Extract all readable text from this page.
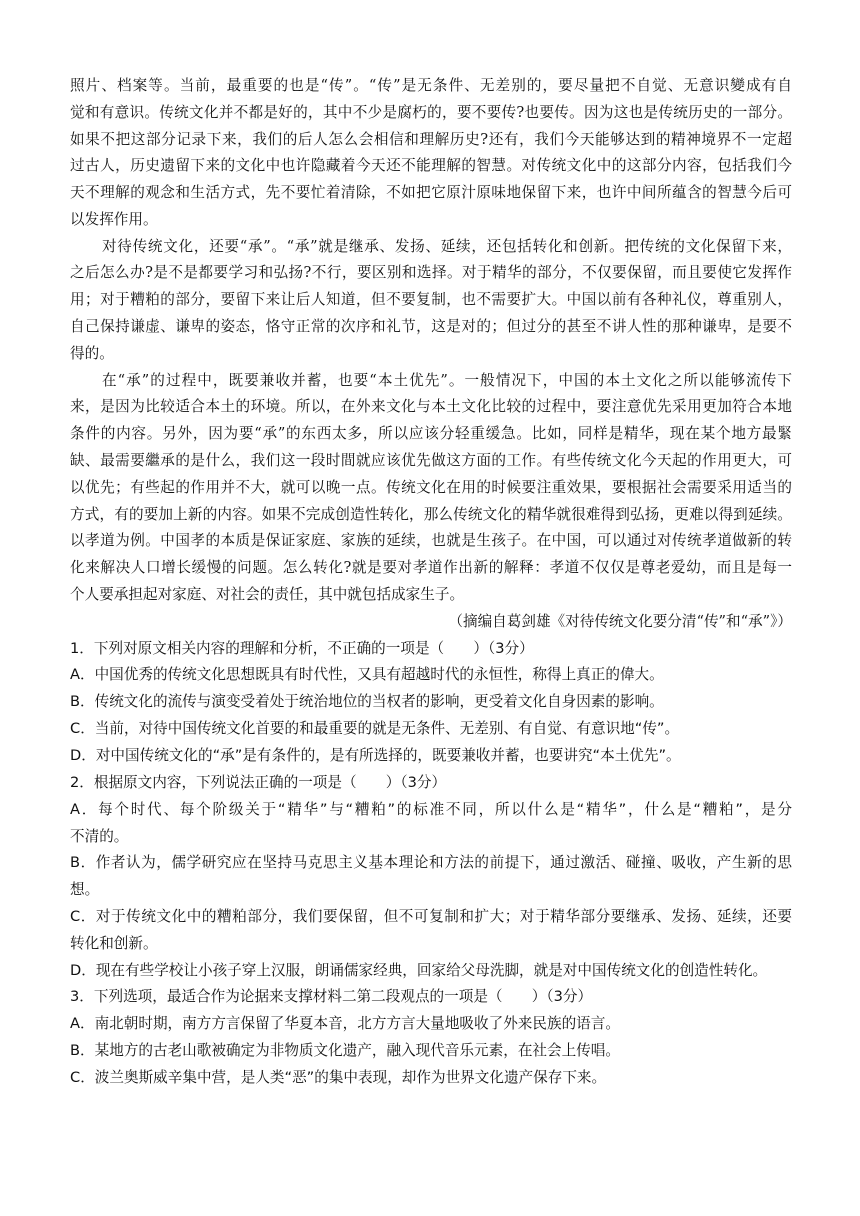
照片、档案等。当前，最重要的也是“传”。“传”是无条件、无差别的，要尽量把不自觉、无意识變成有自
觉和有意识。传统文化并不都是好的，其中不少是腐朽的，要不要传?也要传。因为这也是传统历史的一部分。
如果不把这部分记录下来，我们的后人怎么会相信和理解历史?还有，我们今天能够达到的精神境界不一定超
过古人，历史遗留下来的文化中也许隐藏着今天还不能理解的智慧。对传统文化中的这部分内容，包括我们今
天不理解的观念和生活方式，先不要忙着清除，不如把它原汁原味地保留下来，也许中间所蕴含的智慧今后可
以发挥作用。
对待传统文化，还要“承”。“承”就是继承、发扬、延续，还包括转化和创新。把传统的文化保留下来，
之后怎么办?是不是都要学习和弘扬?不行，要区别和选择。对于精华的部分，不仅要保留，而且要使它发挥作
用；对于糟粕的部分，要留下来让后人知道，但不要复制，也不需要扩大。中国以前有各种礼仪，尊重别人，
自己保持谦虚、谦卑的姿态，恪守正常的次序和礼节，这是对的；但过分的甚至不讲人性的那种谦卑，是要不
得的。
在“承”的过程中，既要兼收并蓄，也要“本土优先”。一般情况下，中国的本土文化之所以能够流传下
来，是因为比较适合本土的环境。所以，在外来文化与本土文化比较的过程中，要注意优先采用更加符合本地
条件的内容。另外，因为要“承”的东西太多，所以应该分轻重缓急。比如，同样是精华，现在某个地方最緊
缺、最需要繼承的是什么，我们这一段时間就应该优先做这方面的工作。有些传统文化今天起的作用更大，可
以优先；有些起的作用并不大，就可以晚一点。传统文化在用的时候要注重效果，要根据社会需要采用适当的
方式，有的要加上新的内容。如果不完成创造性转化，那么传统文化的精华就很难得到弘扬，更难以得到延续。
以孝道为例。中国孝的本质是保证家庭、家族的延续，也就是生孩子。在中国，可以通过对传统孝道做新的转
化来解决人口增长缓慢的问题。怎么转化?就是要对孝道作出新的解释：孝道不仅仅是尊老爱幼，而且是每一
个人要承担起对家庭、对社会的责任，其中就包括成家生子。
（摘编自葛剑雄《对待传统文化要分清“传”和“承”》）
1．下列对原文相关内容的理解和分析，不正确的一项是（　　）（3分）
A．中国优秀的传统文化思想既具有时代性，又具有超越时代的永恒性，称得上真正的偉大。
B．传统文化的流传与演变受着处于统治地位的当权者的影响，更受着文化自身因素的影响。
C．当前，对待中国传统文化首要的和最重要的就是无条件、无差别、有自觉、有意识地“传”。
D．对中国传统文化的“承”是有条件的，是有所选择的，既要兼收并蓄，也要讲究“本土优先”。
2．根据原文内容，下列说法正确的一项是（　　）（3分）
A．每个时代、每个阶级关于“精华”与“糟粕”的标准不同，所以什么是“精华”，什么是“糟粕”，是分
不清的。
B．作者认为，儒学研究应在坚持马克思主义基本理论和方法的前提下，通过激活、碰撞、吸收，产生新的思
想。
C．对于传统文化中的糟粕部分，我们要保留，但不可复制和扩大；对于精华部分要继承、发扬、延续，还要
转化和创新。
D．现在有些学校让小孩子穿上汉服，朗诵儒家经典，回家给父母洗脚，就是对中国传统文化的创造性转化。
3．下列选项，最适合作为论据来支撑材料二第二段观点的一项是（　　）（3分）
A．南北朝时期，南方方言保留了华夏本音，北方方言大量地吸收了外来民族的语言。
B．某地方的古老山歌被确定为非物质文化遗产，融入现代音乐元素，在社会上传唱。
C．波兰奥斯威辛集中营，是人类“恶”的集中表现，却作为世界文化遗产保存下来。
